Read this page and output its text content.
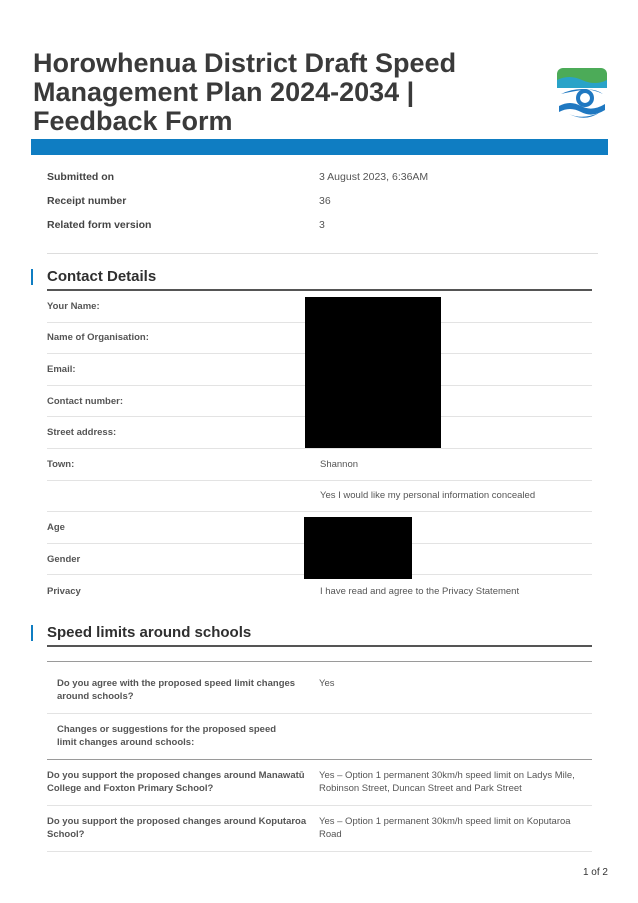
Horowhenua District Draft Speed
Management Plan 2024-2034 |
Feedback Form
Submitted on	3 August 2023, 6:36AM
Receipt number	36
Related form version	3
Contact Details
Your Name:
Name of Organisation:
Email:
Contact number:
Street address:
Town:	Shannon
Yes I would like my personal information concealed
Age
Gender
Privacy	I have read and agree to the Privacy Statement
Speed limits around schools
Do you agree with the proposed speed limit changes around schools?
Yes
Changes or suggestions for the proposed speed limit changes around schools:
Do you support the proposed changes around Manawatū College and Foxton Primary School?
Yes – Option 1 permanent 30km/h speed limit on Ladys Mile, Robinson Street, Duncan Street and Park Street
Do you support the proposed changes around Koputaroa School?
Yes – Option 1 permanent 30km/h speed limit on Koputaroa Road
1 of 2
